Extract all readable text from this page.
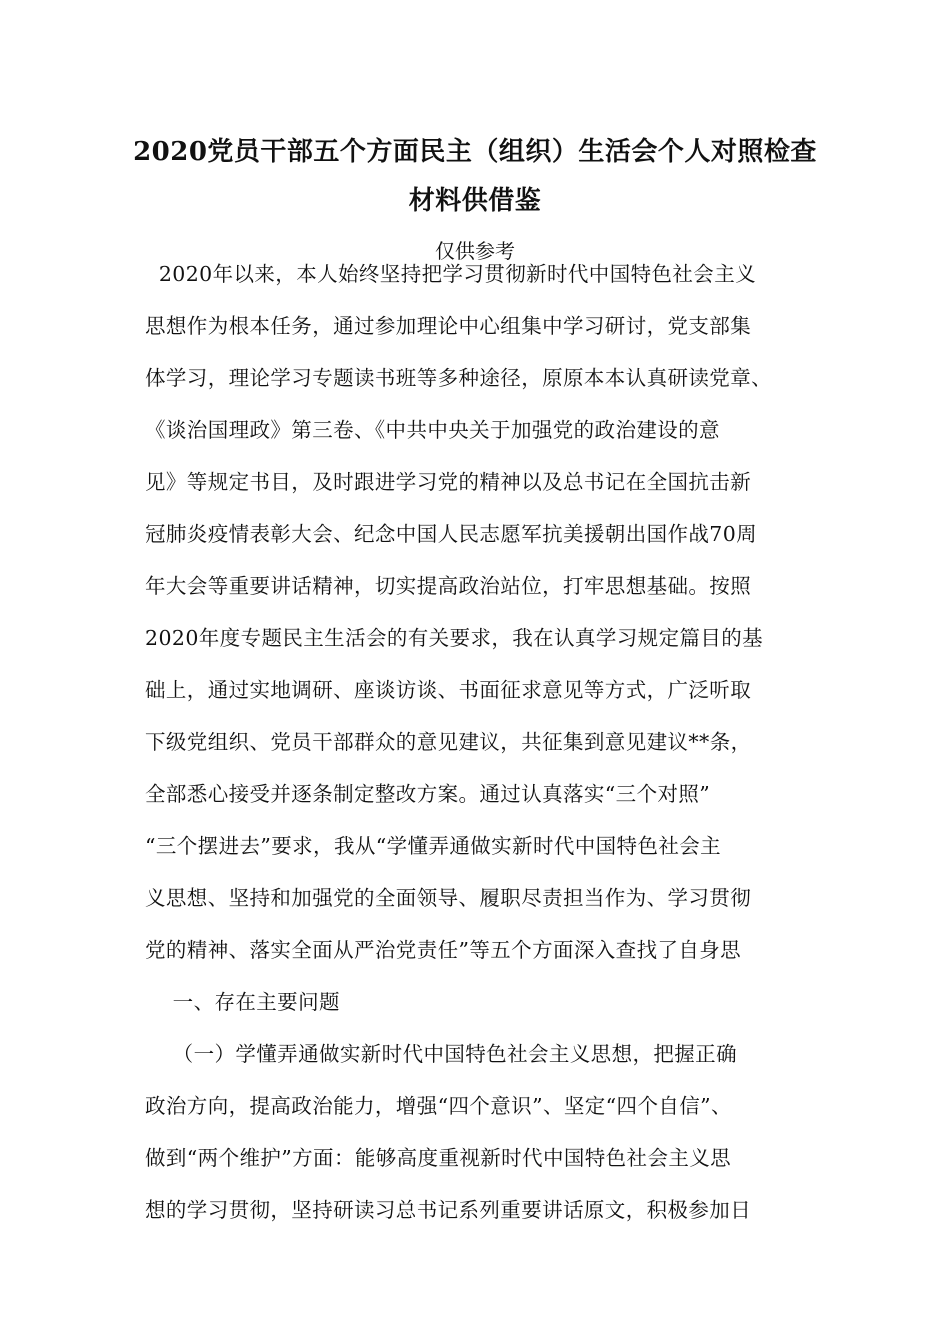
2020党员干部五个方面民主（组织）生活会个人对照检查
材料供借鉴
仅供参考
2020年以来，本人始终坚持把学习贯彻新时代中国特色社会主义
思想作为根本任务，通过参加理论中心组集中学习研讨，党支部集
体学习，理论学习专题读书班等多种途径，原原本本认真研读党章、
《谈治国理政》第三卷、《中共中央关于加强党的政治建设的意
见》等规定书目，及时跟进学习党的精神以及总书记在全国抗击新
冠肺炎疫情表彰大会、纪念中国人民志愿军抗美援朝出国作战70周
年大会等重要讲话精神，切实提高政治站位，打牢思想基础。按照
2020年度专题民主生活会的有关要求，我在认真学习规定篇目的基
础上，通过实地调研、座谈访谈、书面征求意见等方式，广泛听取
下级党组织、党员干部群众的意见建议，共征集到意见建议**条，
全部悉心接受并逐条制定整改方案。通过认真落实“三个对照”
“三个摆进去”要求，我从“学懂弄通做实新时代中国特色社会主
义思想、坚持和加强党的全面领导、履职尽责担当作为、学习贯彻
党的精神、落实全面从严治党责任”等五个方面深入查找了自身思
一、存在主要问题
（一）学懂弄通做实新时代中国特色社会主义思想，把握正确
政治方向，提高政治能力，增强“四个意识”、坚定“四个自信”、
做到“两个维护”方面：能够高度重视新时代中国特色社会主义思
想的学习贯彻，坚持研读习总书记系列重要讲话原文，积极参加日
